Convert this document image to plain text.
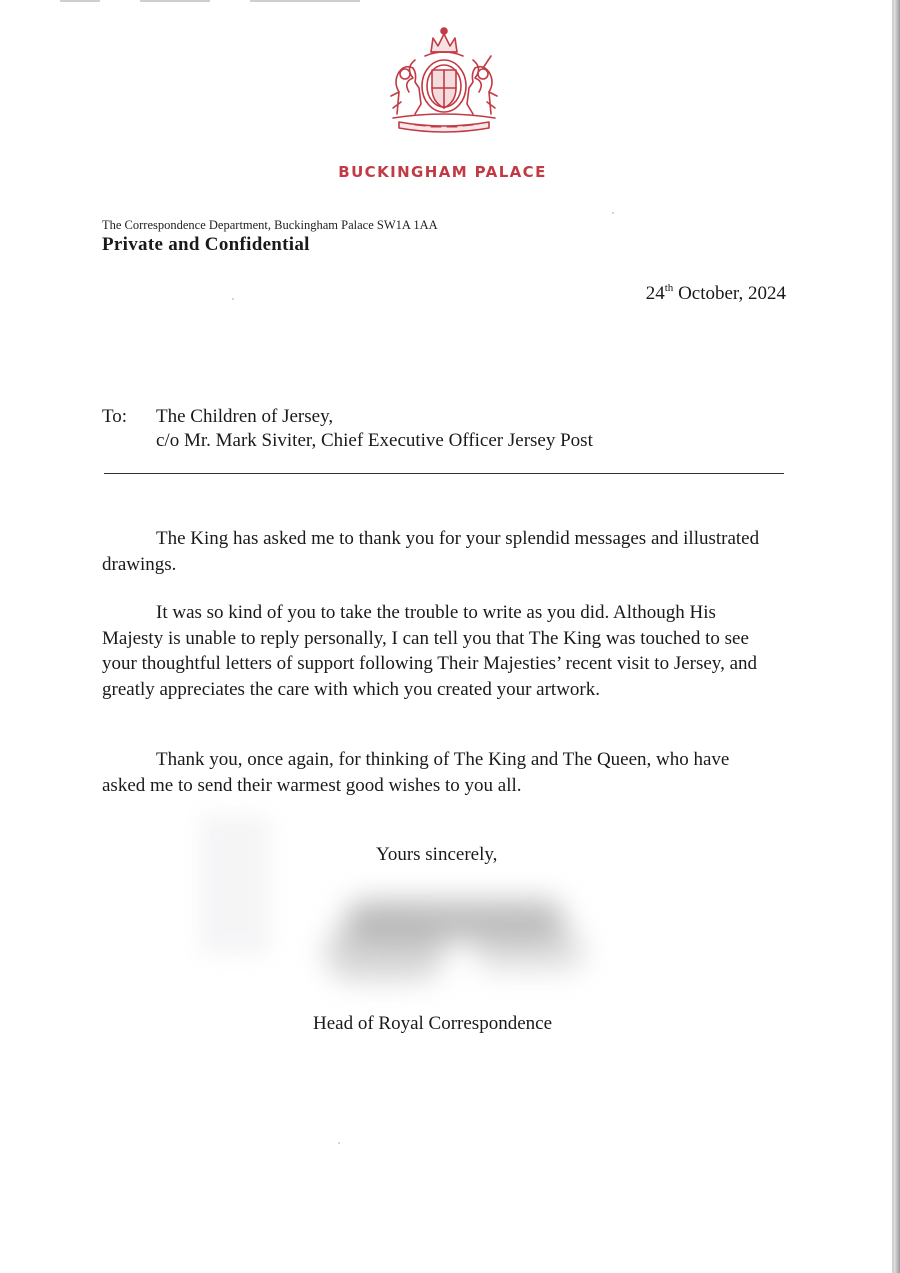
BUCKINGHAM PALACE
The Correspondence Department, Buckingham Palace SW1A 1AA
Private and Confidential
24th October, 2024
To: The Children of Jersey,
c/o Mr. Mark Siviter, Chief Executive Officer Jersey Post
The King has asked me to thank you for your splendid messages and illustrated drawings.
It was so kind of you to take the trouble to write as you did. Although His Majesty is unable to reply personally, I can tell you that The King was touched to see your thoughtful letters of support following Their Majesties’ recent visit to Jersey, and greatly appreciates the care with which you created your artwork.
Thank you, once again, for thinking of The King and The Queen, who have asked me to send their warmest good wishes to you all.
Yours sincerely,
Head of Royal Correspondence
